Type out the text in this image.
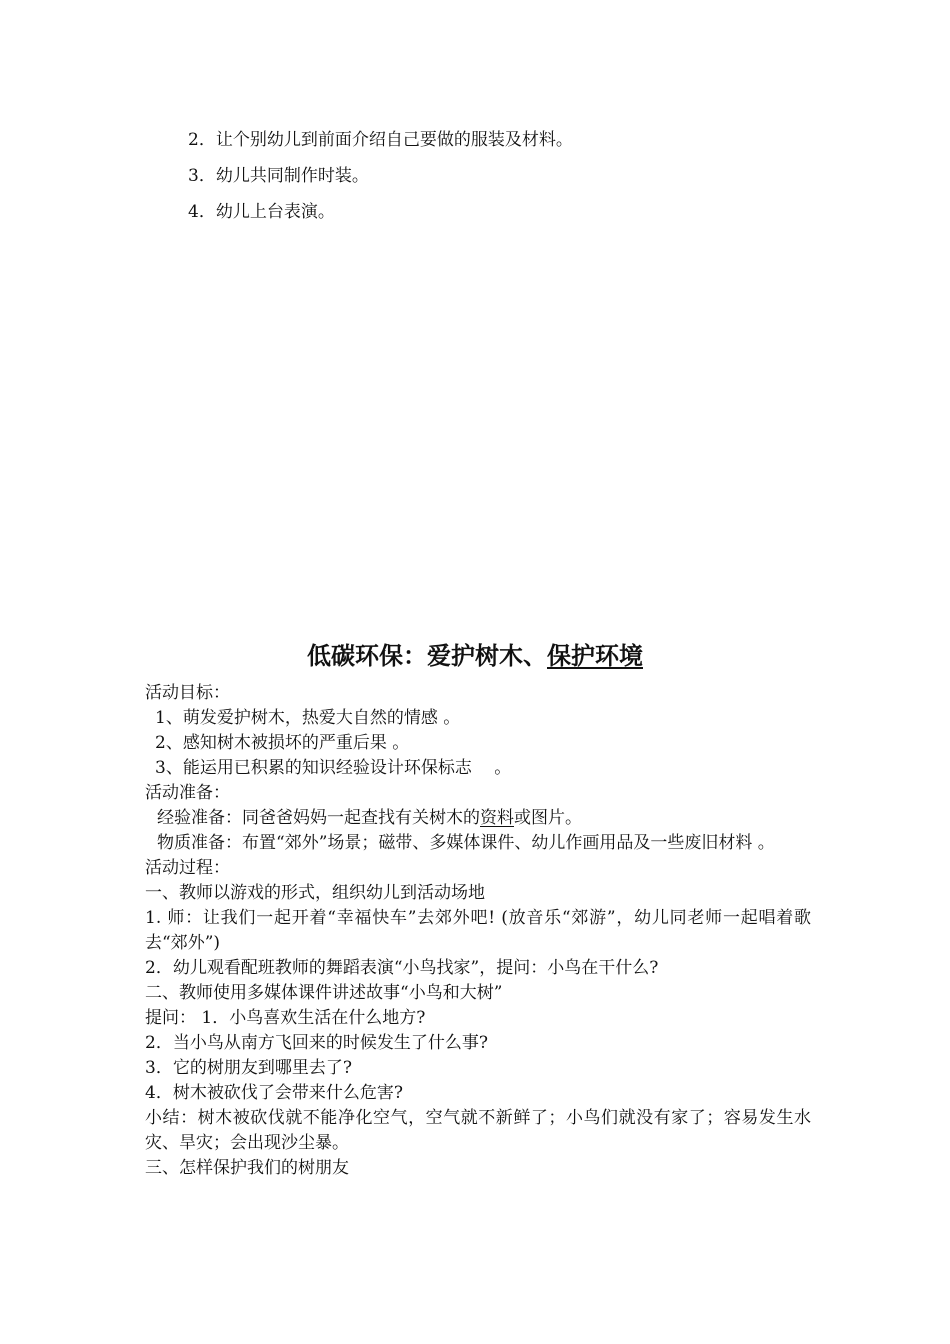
2．让个别幼儿到前面介绍自己要做的服装及材料。
3．幼儿共同制作时装。
4．幼儿上台表演。
低碳环保：爱护树木、保护环境
活动目标：
1、萌发爱护树木，热爱大自然的情感 。
2、感知树木被损坏的严重后果 。
3、能运用已积累的知识经验设计环保标志　 。
活动准备：
经验准备：同爸爸妈妈一起查找有关树木的资料或图片。
物质准备：布置“郊外”场景；磁带、多媒体课件、幼儿作画用品及一些废旧材料 。
活动过程：
一、教师以游戏的形式，组织幼儿到活动场地
1. 师：让我们一起开着“幸福快车”去郊外吧! (放音乐“郊游”，幼儿同老师一起唱着歌去“郊外”)
2．幼儿观看配班教师的舞蹈表演“小鸟找家”，提问：小鸟在干什么?
二、教师使用多媒体课件讲述故事“小鸟和大树”
提问： 1．小鸟喜欢生活在什么地方?
2．当小鸟从南方飞回来的时候发生了什么事?
3．它的树朋友到哪里去了?
4．树木被砍伐了会带来什么危害?
小结：树木被砍伐就不能净化空气，空气就不新鲜了；小鸟们就没有家了；容易发生水灾、旱灾；会出现沙尘暴。
三、怎样保护我们的树朋友
